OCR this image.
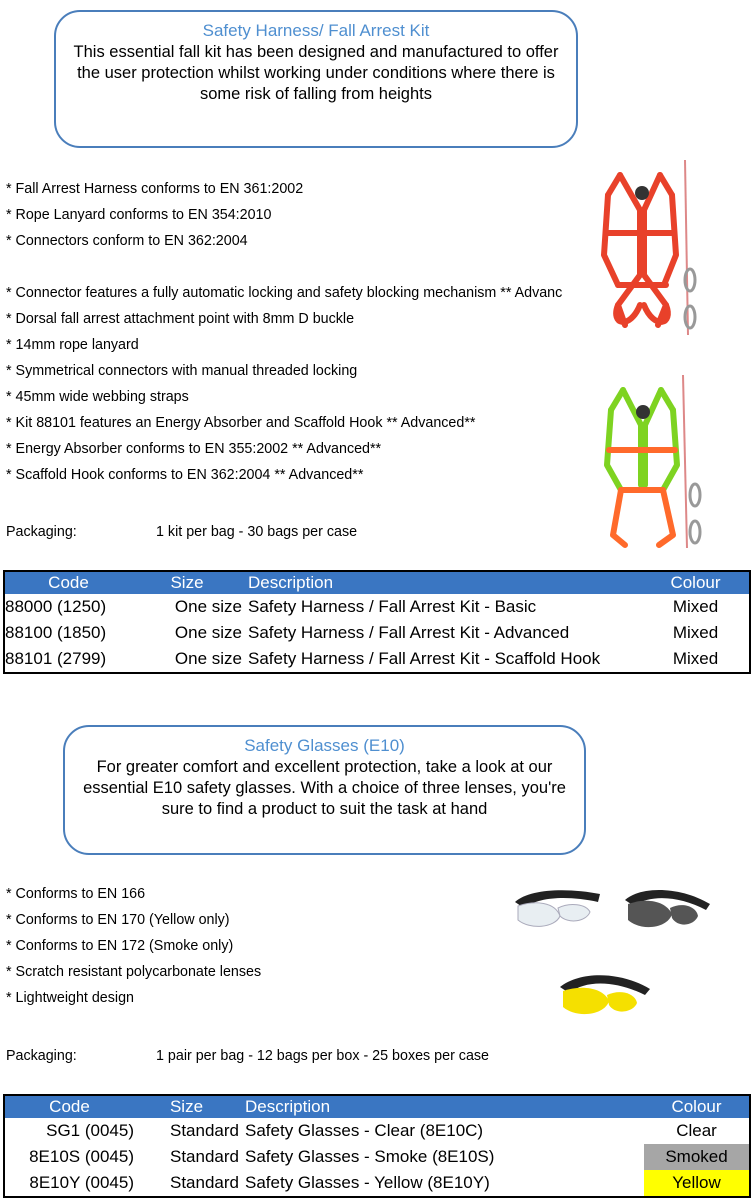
Safety Harness/ Fall Arrest Kit
This essential fall kit has been designed and manufactured to offer the user protection whilst working under conditions where there is some risk of falling from heights
* Fall Arrest Harness conforms to EN 361:2002
* Rope Lanyard conforms to EN 354:2010
* Connectors conform to EN 362:2004
* Connector features a fully automatic locking and safety blocking mechanism ** Advanc
* Dorsal fall arrest attachment point with 8mm D buckle
* 14mm rope lanyard
* Symmetrical connectors with manual threaded locking
* 45mm wide webbing straps
* Kit 88101 features an Energy Absorber and Scaffold Hook ** Advanced**
* Energy Absorber conforms to EN 355:2002 ** Advanced**
* Scaffold Hook conforms to EN 362:2004 ** Advanced**
Packaging:	1 kit per bag - 30 bags per case
Code	Size	Description	Colour
88000 (1250)	One size	Safety Harness / Fall Arrest Kit - Basic	Mixed
88100 (1850)	One size	Safety Harness / Fall Arrest Kit - Advanced	Mixed
88101 (2799)	One size	Safety Harness / Fall Arrest Kit - Scaffold Hook	Mixed
Safety Glasses (E10)
For greater comfort and excellent protection, take a look at our essential E10 safety glasses. With a choice of three lenses, you're sure to find a product to suit the task at hand
* Conforms to EN 166
* Conforms to EN 170 (Yellow only)
* Conforms to EN 172 (Smoke only)
* Scratch resistant polycarbonate lenses
* Lightweight design
Packaging:	1 pair per bag - 12 bags per box - 25 boxes per case
Code	Size	Description	Colour
SG1 (0045)	Standard	Safety Glasses - Clear (8E10C)	Clear
8E10S (0045)	Standard	Safety Glasses - Smoke (8E10S)	Smoked
8E10Y (0045)	Standard	Safety Glasses - Yellow (8E10Y)	Yellow
